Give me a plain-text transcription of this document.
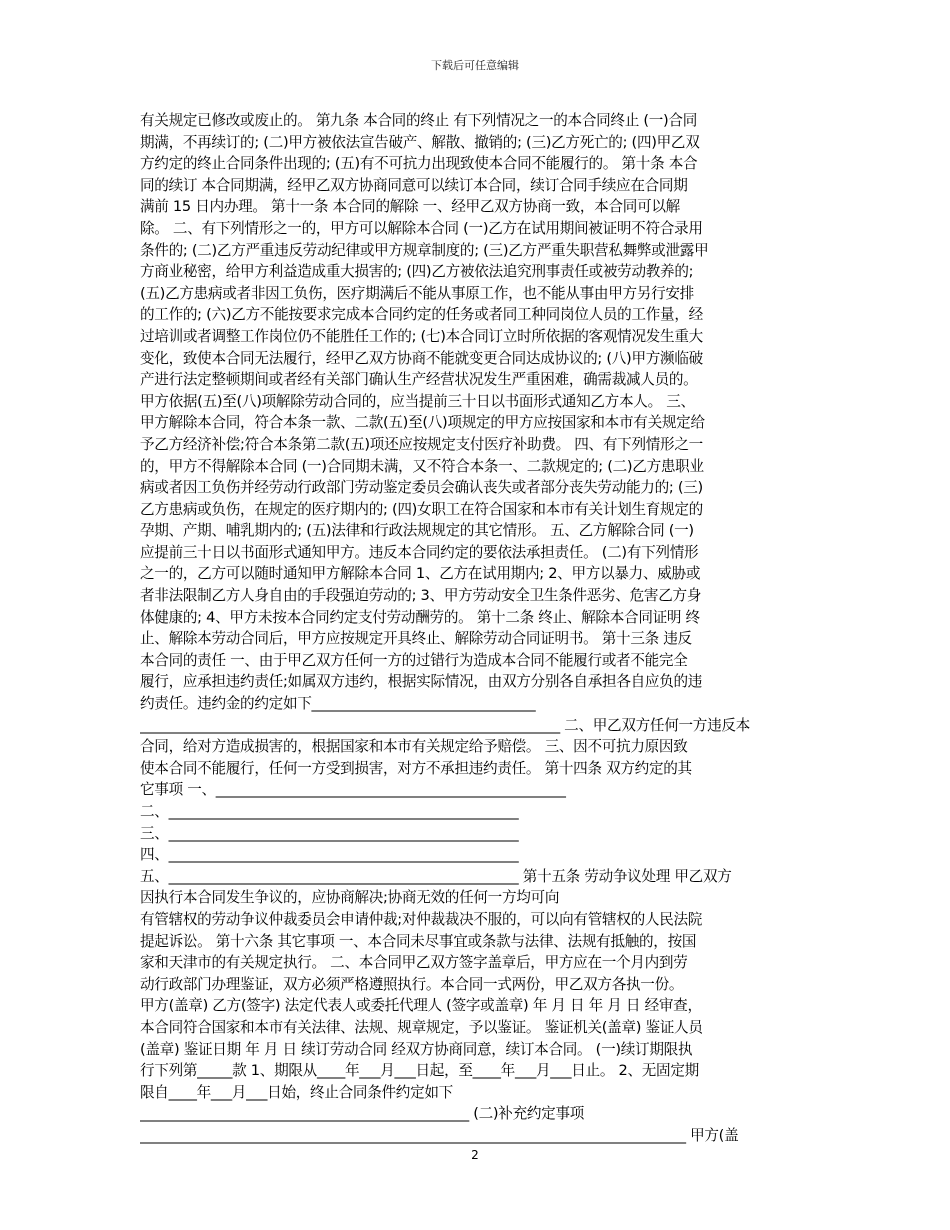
下载后可任意编辑
有关规定已修改或废止的。 第九条 本合同的终止 有下列情况之一的本合同终止 (一)合同
期满，不再续订的; (二)甲方被依法宣告破产、解散、撤销的; (三)乙方死亡的; (四)甲乙双
方约定的终止合同条件出现的; (五)有不可抗力出现致使本合同不能履行的。 第十条 本合
同的续订 本合同期满，经甲乙双方协商同意可以续订本合同，续订合同手续应在合同期
满前 15 日内办理。 第十一条 本合同的解除 一、经甲乙双方协商一致，本合同可以解
除。 二、有下列情形之一的，甲方可以解除本合同 (一)乙方在试用期间被证明不符合录用
条件的; (二)乙方严重违反劳动纪律或甲方规章制度的; (三)乙方严重失职营私舞弊或泄露甲
方商业秘密，给甲方利益造成重大损害的; (四)乙方被依法追究刑事责任或被劳动教养的;
(五)乙方患病或者非因工负伤，医疗期满后不能从事原工作，也不能从事由甲方另行安排
的工作的; (六)乙方不能按要求完成本合同约定的任务或者同工种同岗位人员的工作量，经
过培训或者调整工作岗位仍不能胜任工作的; (七)本合同订立时所依据的客观情况发生重大
变化，致使本合同无法履行，经甲乙双方协商不能就变更合同达成协议的; (八)甲方濒临破
产进行法定整顿期间或者经有关部门确认生产经营状况发生严重困难，确需裁减人员的。
甲方依据(五)至(八)项解除劳动合同的，应当提前三十日以书面形式通知乙方本人。 三、
甲方解除本合同，符合本条一款、二款(五)至(八)项规定的甲方应按国家和本市有关规定给
予乙方经济补偿;符合本条第二款(五)项还应按规定支付医疗补助费。 四、有下列情形之一
的，甲方不得解除本合同 (一)合同期未满，又不符合本条一、二款规定的; (二)乙方患职业
病或者因工负伤并经劳动行政部门劳动鉴定委员会确认丧失或者部分丧失劳动能力的; (三)
乙方患病或负伤，在规定的医疗期内的; (四)女职工在符合国家和本市有关计划生育规定的
孕期、产期、哺乳期内的; (五)法律和行政法规规定的其它情形。 五、乙方解除合同 (一)
应提前三十日以书面形式通知甲方。违反本合同约定的要依法承担责任。 (二)有下列情形
之一的，乙方可以随时通知甲方解除本合同 1、乙方在试用期内; 2、甲方以暴力、威胁或
者非法限制乙方人身自由的手段强迫劳动的; 3、甲方劳动安全卫生条件恶劣、危害乙方身
体健康的; 4、甲方未按本合同约定支付劳动酬劳的。 第十二条 终止、解除本合同证明 终
止、解除本劳动合同后，甲方应按规定开具终止、解除劳动合同证明书。 第十三条 违反
本合同的责任 一、由于甲乙双方任何一方的过错行为造成本合同不能履行或者不能完全
履行，应承担违约责任;如属双方违约，根据实际情况，由双方分别各自承担各自应负的违
约责任。违约金的约定如下________________________________
____________________________________________________________ 二、甲乙双方任何一方违反本
合同，给对方造成损害的，根据国家和本市有关规定给予赔偿。 三、因不可抗力原因致
使本合同不能履行，任何一方受到损害，对方不承担违约责任。 第十四条 双方约定的其
它事项 一、__________________________________________________
二、__________________________________________________
三、__________________________________________________
四、__________________________________________________
五、__________________________________________________ 第十五条 劳动争议处理 甲乙双方
因执行本合同发生争议的，应协商解决;协商无效的任何一方均可向
有管辖权的劳动争议仲裁委员会申请仲裁;对仲裁裁决不服的，可以向有管辖权的人民法院
提起诉讼。 第十六条 其它事项 一、本合同未尽事宜或条款与法律、法规有抵触的，按国
家和天津市的有关规定执行。 二、本合同甲乙双方签字盖章后，甲方应在一个月内到劳
动行政部门办理鉴证，双方必须严格遵照执行。本合同一式两份，甲乙双方各执一份。
甲方(盖章) 乙方(签字) 法定代表人或委托代理人 (签字或盖章) 年 月 日 年 月 日 经审查，
本合同符合国家和本市有关法律、法规、规章规定，予以鉴证。 鉴证机关(盖章) 鉴证人员
(盖章) 鉴证日期 年 月 日 续订劳动合同 经双方协商同意，续订本合同。 (一)续订期限执
行下列第_____款 1、期限从____年___月___日起，至____年___月___日止。 2、无固定期
限自____年___月___日始，终止合同条件约定如下
_______________________________________________ (二)补充约定事项
______________________________________________________________________________ 甲方(盖
2
